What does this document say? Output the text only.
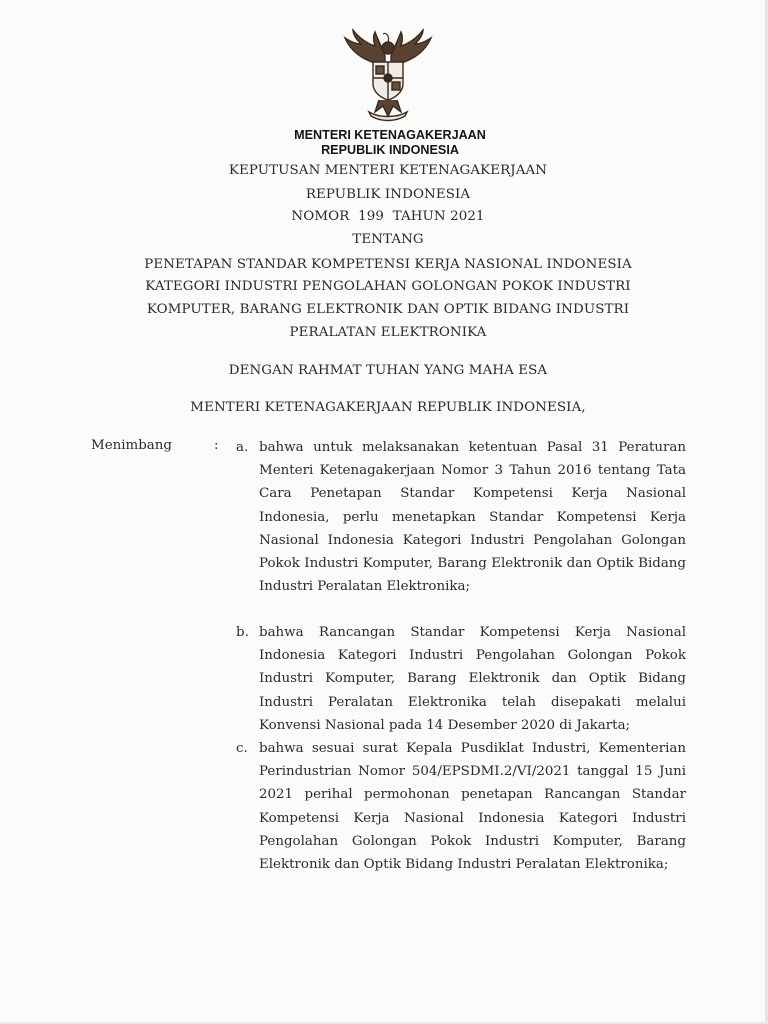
MENTERI KETENAGAKERJAAN
REPUBLIK INDONESIA
KEPUTUSAN MENTERI KETENAGAKERJAAN
REPUBLIK INDONESIA
NOMOR  199  TAHUN 2021
TENTANG
PENETAPAN STANDAR KOMPETENSI KERJA NASIONAL INDONESIA
KATEGORI INDUSTRI PENGOLAHAN GOLONGAN POKOK INDUSTRI
KOMPUTER, BARANG ELEKTRONIK DAN OPTIK BIDANG INDUSTRI
PERALATAN ELEKTRONIKA
DENGAN RAHMAT TUHAN YANG MAHA ESA
MENTERI KETENAGAKERJAAN REPUBLIK INDONESIA,
Menimbang	: a. bahwa untuk melaksanakan ketentuan Pasal 31 Peraturan Menteri Ketenagakerjaan Nomor 3 Tahun 2016 tentang Tata Cara Penetapan Standar Kompetensi Kerja Nasional Indonesia, perlu menetapkan Standar Kompetensi Kerja Nasional Indonesia Kategori Industri Pengolahan Golongan Pokok Industri Komputer, Barang Elektronik dan Optik Bidang Industri Peralatan Elektronika;
b. bahwa Rancangan Standar Kompetensi Kerja Nasional Indonesia Kategori Industri Pengolahan Golongan Pokok Industri Komputer, Barang Elektronik dan Optik Bidang Industri Peralatan Elektronika telah disepakati melalui Konvensi Nasional pada 14 Desember 2020 di Jakarta;
c. bahwa sesuai surat Kepala Pusdiklat Industri, Kementerian Perindustrian Nomor 504/EPSDMI.2/VI/2021 tanggal 15 Juni 2021 perihal permohonan penetapan Rancangan Standar Kompetensi Kerja Nasional Indonesia Kategori Industri Pengolahan Golongan Pokok Industri Komputer, Barang Elektronik dan Optik Bidang Industri Peralatan Elektronika;
